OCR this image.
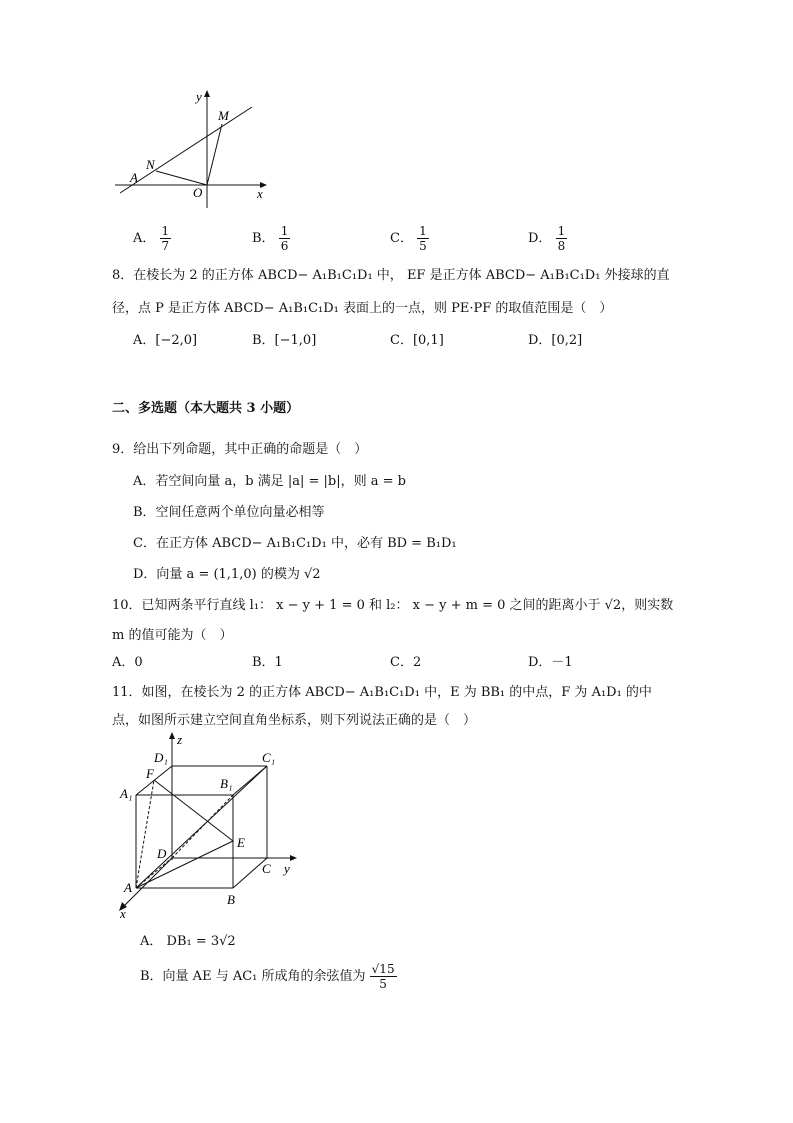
y
M
N
A
O	x
A． $\frac{1}{7}$	B． $\frac{1}{6}$	C． $\frac{1}{5}$	D． $\frac{1}{8}$
8．在棱长为 2 的正方体 ABCD− A₁B₁C₁D₁ 中， EF 是正方体 ABCD− A₁B₁C₁D₁ 外接球的直
径，点 P 是正方体 ABCD− A₁B₁C₁D₁ 表面上的一点，则 PE·PF 的取值范围是（　）
A．[−2,0]	B．[−1,0]	C．[0,1]	D．[0,2]
二、多选题（本大题共 3 小题）
9．给出下列命题，其中正确的命题是（　）
A．若空间向量 a，b 满足 |a| = |b|，则 a = b
B．空间任意两个单位向量必相等
C．在正方体 ABCD− A₁B₁C₁D₁ 中，必有 BD = B₁D₁
D．向量 a = (1,1,0) 的模为 √2
10．已知两条平行直线 l₁： x − y + 1 = 0 和 l₂： x − y + m = 0 之间的距离小于 √2，则实数
m 的值可能为（　）
A．0	B．1	C．2	D．－1
11．如图，在棱长为 2 的正方体 ABCD− A₁B₁C₁D₁ 中，E 为 BB₁ 的中点，F 为 A₁D₁ 的中
点，如图所示建立空间直角坐标系，则下列说法正确的是（　）
z
D₁	C₁
F
B₁
A₁
D
E
C y
A
B
x
A． DB₁ = 3√2
B．向量 AE 与 AC₁ 所成角的余弦值为 $\frac{√15}{5}$
